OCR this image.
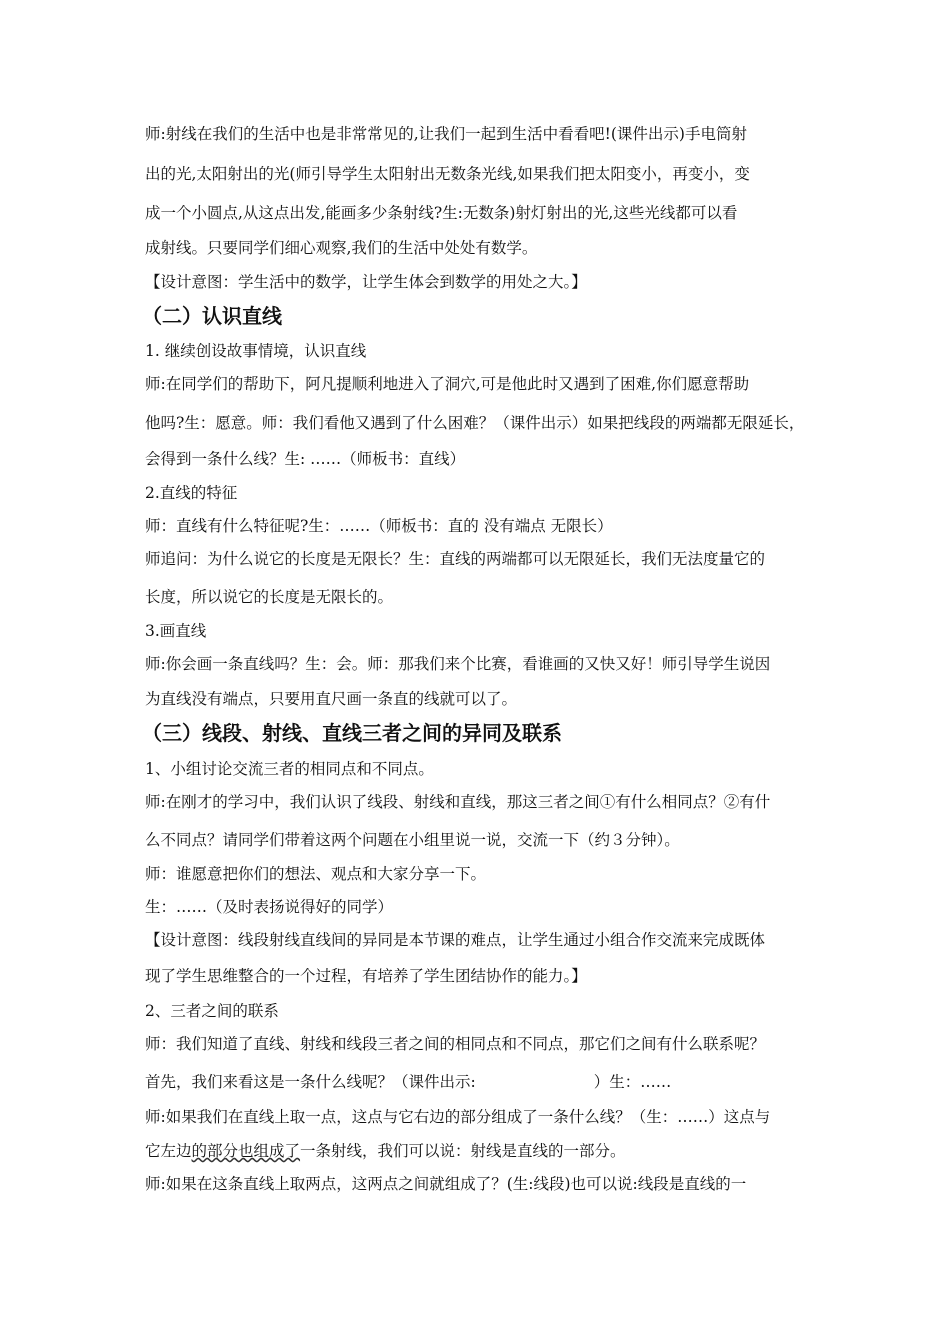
师:射线在我们的生活中也是非常常见的,让我们一起到生活中看看吧!(课件出示)手电筒射
出的光,太阳射出的光(师引导学生太阳射出无数条光线,如果我们把太阳变小，再变小，变
成一个小圆点,从这点出发,能画多少条射线?生:无数条)射灯射出的光,这些光线都可以看
成射线。只要同学们细心观察,我们的生活中处处有数学。
【设计意图：学生活中的数学，让学生体会到数学的用处之大。】
（二）认识直线
1. 继续创设故事情境，认识直线
师:在同学们的帮助下，阿凡提顺利地进入了洞穴,可是他此时又遇到了困难,你们愿意帮助
他吗?生：愿意。师：我们看他又遇到了什么困难？（课件出示）如果把线段的两端都无限延长，
会得到一条什么线？生: ……（师板书：直线）
2.直线的特征
师：直线有什么特征呢?生：……（师板书：直的 没有端点 无限长）
师追问：为什么说它的长度是无限长？生：直线的两端都可以无限延长，我们无法度量它的
长度，所以说它的长度是无限长的。
3.画直线
师:你会画一条直线吗？生：会。师：那我们来个比赛，看谁画的又快又好！师引导学生说因
为直线没有端点，只要用直尺画一条直的线就可以了。
（三）线段、射线、直线三者之间的异同及联系
1、小组讨论交流三者的相同点和不同点。
师:在刚才的学习中，我们认识了线段、射线和直线，那这三者之间①有什么相同点？②有什
么不同点？请同学们带着这两个问题在小组里说一说，交流一下（约３分钟）。
师：谁愿意把你们的想法、观点和大家分享一下。
生：……（及时表扬说得好的同学）
【设计意图：线段射线直线间的异同是本节课的难点，让学生通过小组合作交流来完成既体
现了学生思维整合的一个过程，有培养了学生团结协作的能力。】
2、三者之间的联系
师：我们知道了直线、射线和线段三者之间的相同点和不同点，那它们之间有什么联系呢？
首先，我们来看这是一条什么线呢？（课件出示:	）生：……
师:如果我们在直线上取一点，这点与它右边的部分组成了一条什么线？（生：……）这点与
它左边的部分也组成了一条射线，我们可以说：射线是直线的一部分。
师:如果在这条直线上取两点，这两点之间就组成了？(生:线段)也可以说:线段是直线的一
